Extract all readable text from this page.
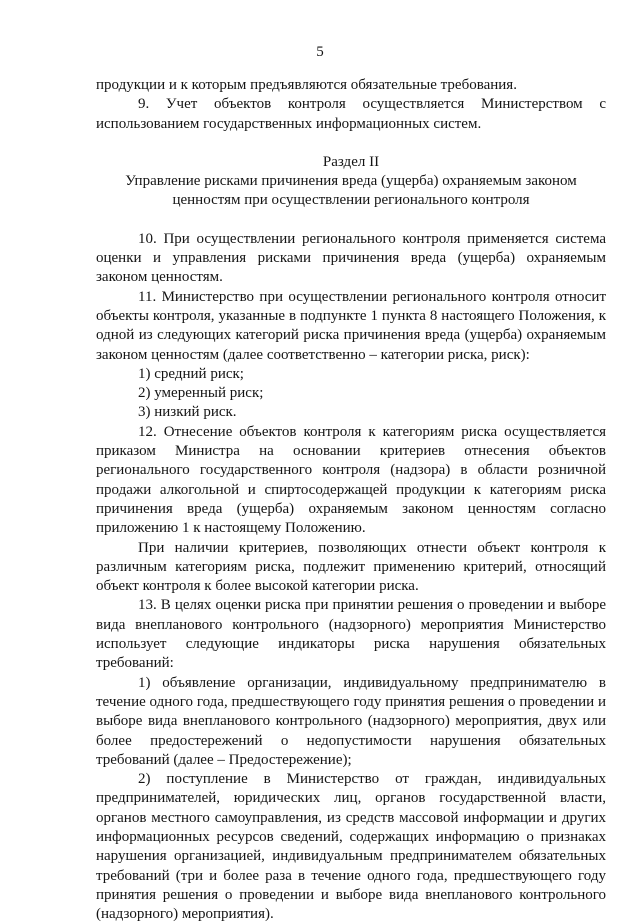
5

продукции и к которым предъявляются обязательные требования.

9. Учет объектов контроля осуществляется Министерством с использованием государственных информационных систем.

Раздел II

Управление рисками причинения вреда (ущерба) охраняемым законом ценностям при осуществлении регионального контроля

10. При осуществлении регионального контроля применяется система оценки и управления рисками причинения вреда (ущерба) охраняемым законом ценностям.

11. Министерство при осуществлении регионального контроля относит объекты контроля, указанные в подпункте 1 пункта 8 настоящего Положения, к одной из следующих категорий риска причинения вреда (ущерба) охраняемым законом ценностям (далее соответственно – категории риска, риск):

1) средний риск;

2) умеренный риск;

3) низкий риск.

12. Отнесение объектов контроля к категориям риска осуществляется приказом Министра на основании критериев отнесения объектов регионального государственного контроля (надзора) в области розничной продажи алкогольной и спиртосодержащей продукции к категориям риска причинения вреда (ущерба) охраняемым законом ценностям согласно приложению 1 к настоящему Положению.

При наличии критериев, позволяющих отнести объект контроля к различным категориям риска, подлежит применению критерий, относящий объект контроля к более высокой категории риска.

13. В целях оценки риска при принятии решения о проведении и выборе вида внепланового контрольного (надзорного) мероприятия Министерство использует следующие индикаторы риска нарушения обязательных требований:

1) объявление организации, индивидуальному предпринимателю в течение одного года, предшествующего году принятия решения о проведении и выборе вида внепланового контрольного (надзорного) мероприятия, двух или более предостережений о недопустимости нарушения обязательных требований (далее – Предостережение);

2) поступление в Министерство от граждан, индивидуальных предпринимателей, юридических лиц, органов государственной власти, органов местного самоуправления, из средств массовой информации и других информационных ресурсов сведений, содержащих информацию о признаках нарушения организацией, индивидуальным предпринимателем обязательных требований (три и более раза в течение одного года, предшествующего году принятия решения о проведении и выборе вида внепланового контрольного (надзорного) мероприятия).
